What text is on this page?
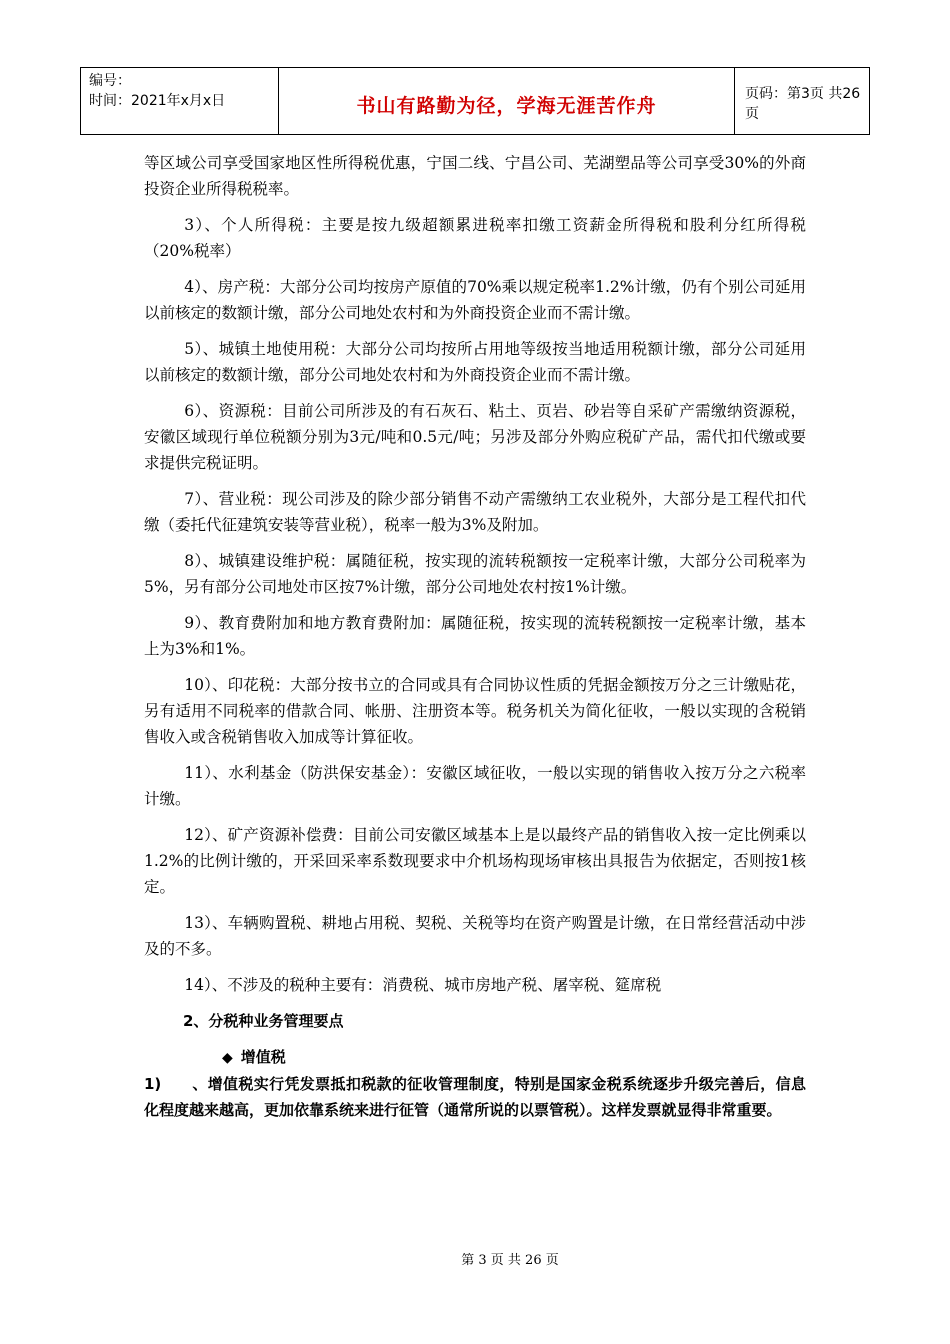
编号：
时间：2021年x月x日	书山有路勤为径，学海无涯苦作舟
页码：第3页 共26页

等区域公司享受国家地区性所得税优惠，宁国二线、宁昌公司、芜湖塑品等公司享受30%的外商投资企业所得税税率。

3）、个人所得税：主要是按九级超额累进税率扣缴工资薪金所得税和股利分红所得税（20%税率）

4）、房产税：大部分公司均按房产原值的70%乘以规定税率1.2%计缴，仍有个别公司延用以前核定的数额计缴，部分公司地处农村和为外商投资企业而不需计缴。

5）、城镇土地使用税：大部分公司均按所占用地等级按当地适用税额计缴，部分公司延用以前核定的数额计缴，部分公司地处农村和为外商投资企业而不需计缴。

6）、资源税：目前公司所涉及的有石灰石、粘土、页岩、砂岩等自采矿产需缴纳资源税，安徽区域现行单位税额分别为3元/吨和0.5元/吨；另涉及部分外购应税矿产品，需代扣代缴或要求提供完税证明。

7）、营业税：现公司涉及的除少部分销售不动产需缴纳工农业税外，大部分是工程代扣代缴（委托代征建筑安装等营业税），税率一般为3%及附加。

8）、城镇建设维护税：属随征税，按实现的流转税额按一定税率计缴，大部分公司税率为5%，另有部分公司地处市区按7%计缴，部分公司地处农村按1%计缴。

9）、教育费附加和地方教育费附加：属随征税，按实现的流转税额按一定税率计缴，基本上为3%和1%。

10）、印花税：大部分按书立的合同或具有合同协议性质的凭据金额按万分之三计缴贴花，另有适用不同税率的借款合同、帐册、注册资本等。税务机关为简化征收，一般以实现的含税销售收入或含税销售收入加成等计算征收。

11）、水利基金（防洪保安基金）：安徽区域征收，一般以实现的销售收入按万分之六税率计缴。

12）、矿产资源补偿费：目前公司安徽区域基本上是以最终产品的销售收入按一定比例乘以1.2%的比例计缴的，开采回采率系数现要求中介机场构现场审核出具报告为依据定，否则按1核定。

13）、车辆购置税、耕地占用税、契税、关税等均在资产购置是计缴，在日常经营活动中涉及的不多。

14）、不涉及的税种主要有：消费税、城市房地产税、屠宰税、筵席税

2、分税种业务管理要点

◆ 增值税

1)　　、增值税实行凭发票抵扣税款的征收管理制度，特别是国家金税系统逐步升级完善后，信息化程度越来越高，更加依靠系统来进行征管（通常所说的以票管税）。这样发票就显得非常重要。

第 3 页 共 26 页
